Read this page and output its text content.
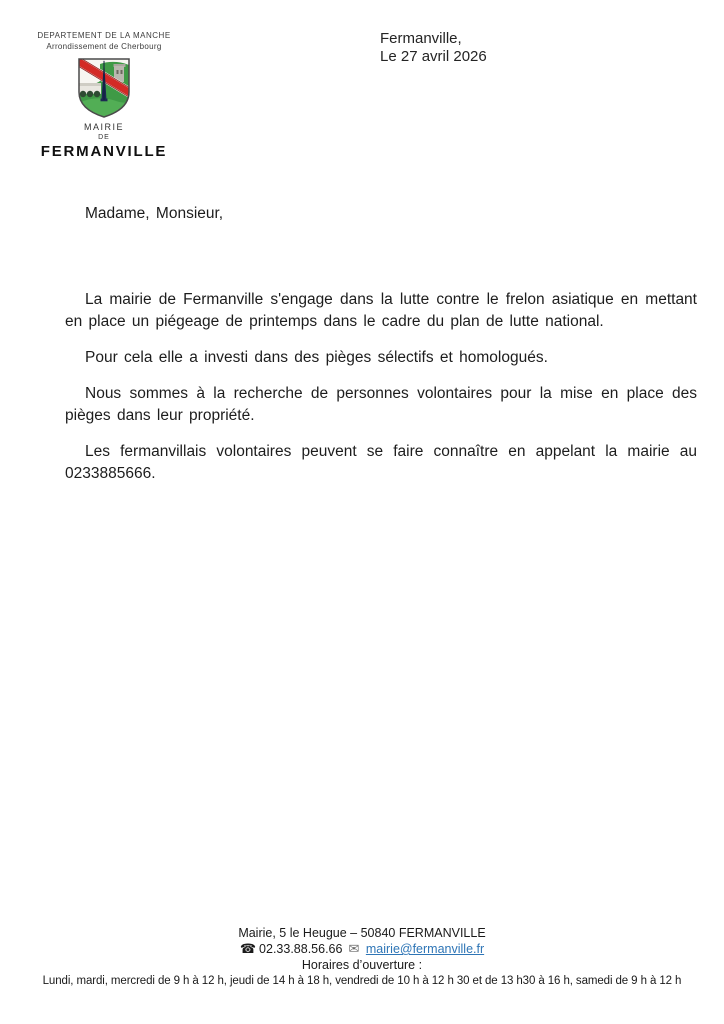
DEPARTEMENT DE LA MANCHE
Arrondissement de Cherbourg
MAIRIE
DE
FERMANVILLE
Fermanville,
Le 27 avril 2026
Madame, Monsieur,

La mairie de Fermanville s'engage dans la lutte contre le frelon asiatique en mettant en place un piégeage de printemps dans le cadre du plan de lutte national.

Pour cela elle a investi dans des pièges sélectifs et homologués.

Nous sommes à la recherche de personnes volontaires pour la mise en place des pièges dans leur propriété.

Les fermanvillais volontaires peuvent se faire connaître en appelant la mairie au 0233885666.

Mairie, 5 le Heugue – 50840 FERMANVILLE
☎ 02.33.88.56.66 ✉ mairie@fermanville.fr
Horaires d’ouverture :
Lundi, mardi, mercredi de 9 h à 12 h, jeudi de 14 h à 18 h, vendredi de 10 h à 12 h 30 et de 13 h30 à 16 h, samedi de 9 h à 12 h
